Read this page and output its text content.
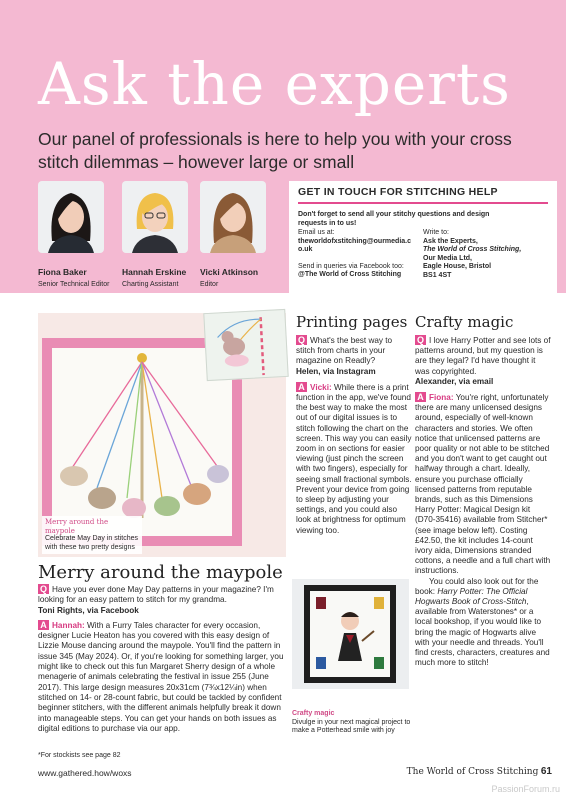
Ask the experts

Our panel of professionals is here to help you with your cross stitch dilemmas – however large or small

Fiona Baker
Senior Technical Editor
Hannah Erskine
Charting Assistant
Vicki Atkinson
Editor
GET IN TOUCH FOR STITCHING HELP
Don't forget to send all your stitchy questions and design requests in to us!
Email us at:
theworldofxstitching@ourmedia.co.uk
Send in queries via Facebook too:
@The World of Cross Stitching
Write to:
Ask the Experts,
The World of Cross Stitching,
Our Media Ltd,
Eagle House, Bristol
BS1 4ST
Merry around the maypole
Celebrate May Day in stitches with these two pretty designs
Merry around the maypole

Q Have you ever done May Day patterns in your magazine? I'm looking for an easy pattern to stitch for my grandma.

Toni Rights, via Facebook

A Hannah: With a Furry Tales character for every occasion, designer Lucie Heaton has you covered with this easy design of Lizzie Mouse dancing around the maypole. You'll find the pattern in issue 345 (May 2024). Or, if you're looking for something larger, you might like to check out this fun Margaret Sherry design of a whole menagerie of animals celebrating the festival in issue 255 (June 2017). This large design measures 20x31cm (7¾x12¼in) when stitched on 14- or 28-count fabric, but could be tackled by confident beginner stitchers, with the different animals helpfully break it down into manageable steps. You can get your hands on both issues as digital editions to purchase via our app.

Printing pages

Q What's the best way to stitch from charts in your magazine on Readly?

Helen, via Instagram

A Vicki: While there is a print function in the app, we've found the best way to make the most out of our digital issues is to stitch following the chart on the screen. This way you can easily zoom in on sections for easier viewing (just pinch the screen with two fingers), especially for seeing small fractional symbols. Prevent your device from going to sleep by adjusting your settings, and you could also look at brightness for optimum viewing too.

Crafty magic
Divulge in your next magical project to make a Potterhead smile with joy
Crafty magic

Q I love Harry Potter and see lots of patterns around, but my question is are they legal? I'd have thought it was copyrighted.

Alexander, via email

A Fiona: You're right, unfortunately there are many unlicensed designs around, especially of well-known characters and stories. We often notice that unlicensed patterns are poor quality or not able to be stitched and you don't want to get caught out halfway through a chart. Ideally, ensure you purchase officially licensed patterns from reputable brands, such as this Dimensions Harry Potter: Magical Design kit (D70-35416) available from Stitcher* (see image below left). Costing £42.50, the kit includes 14-count ivory aida, Dimensions stranded cottons, a needle and a full chart with instructions.

You could also look out for the book: Harry Potter: The Official Hogwarts Book of Cross-Stitch, available from Waterstones* or a local bookshop, if you would like to bring the magic of Hogwarts alive with your needle and threads. You'll find crests, characters, creatures and much more to stitch!

*For stockists see page 82
www.gathered.how/woxs	The World of Cross Stitching 61
PassionForum.ru
